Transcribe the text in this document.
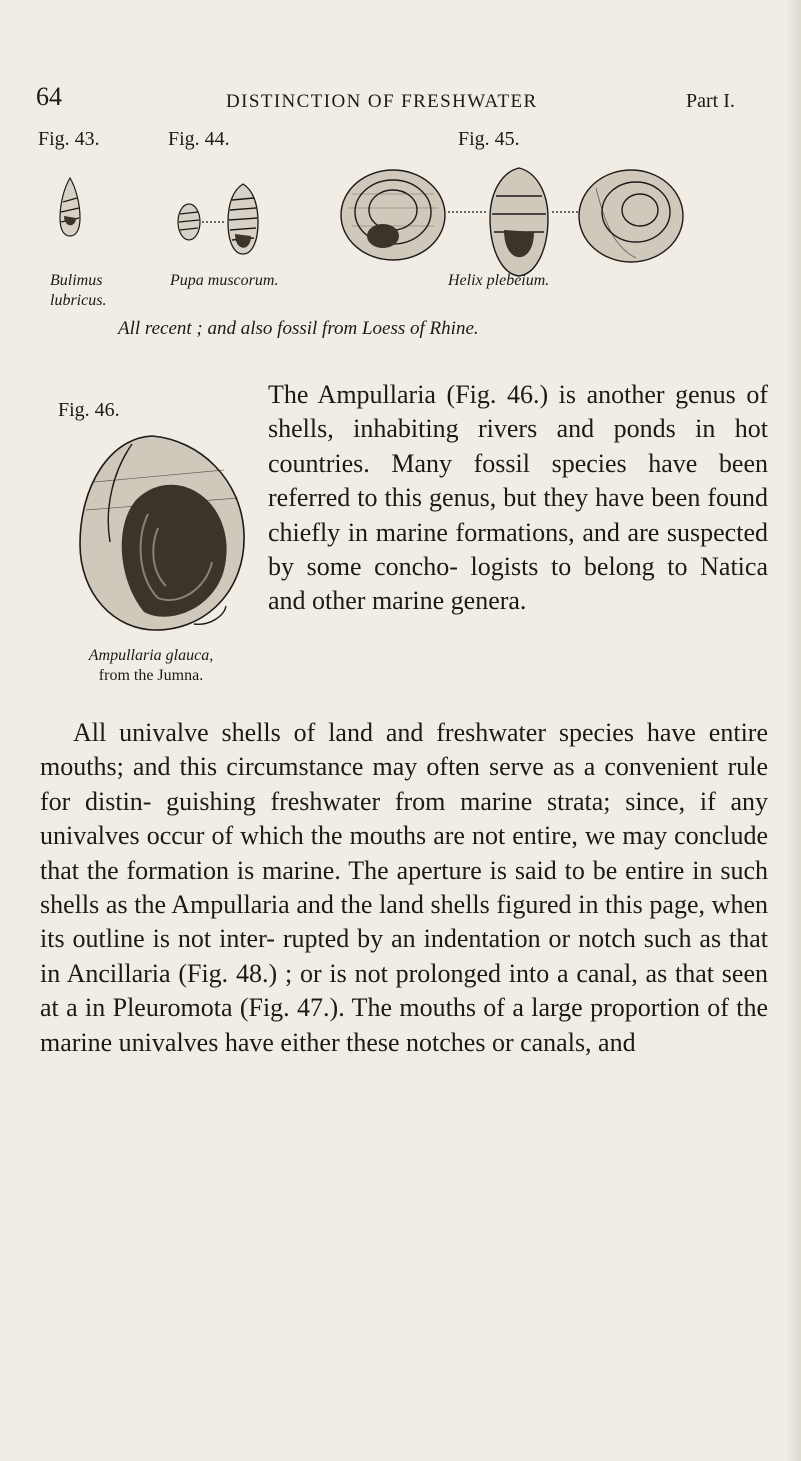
64	DISTINCTION OF FRESHWATER	Part I.
Fig. 43.	Fig. 44.	Fig. 45.
Bulimus
lubricus.
Pupa muscorum.	Helix plebeium.
All recent ; and also fossil from Loess of Rhine.
Fig. 46.
Ampullaria glauca,
from the Jumna.
The Ampullaria (Fig. 46.) is another genus of shells, inhabiting rivers and ponds in hot countries. Many fossil species have been referred to this genus, but they have been found chiefly in marine formations, and are suspected by some concho- logists to belong to Natica and other marine genera.

All univalve shells of land and freshwater species have entire mouths; and this circumstance may often serve as a convenient rule for distin- guishing freshwater from marine strata; since, if any univalves occur of which the mouths are not entire, we may conclude that the formation is marine. The aperture is said to be entire in such shells as the Ampullaria and the land shells figured in this page, when its outline is not inter- rupted by an indentation or notch such as that in Ancillaria (Fig. 48.) ; or is not prolonged into a canal, as that seen at a in Pleuromota (Fig. 47.). The mouths of a large proportion of the marine univalves have either these notches or canals, and
